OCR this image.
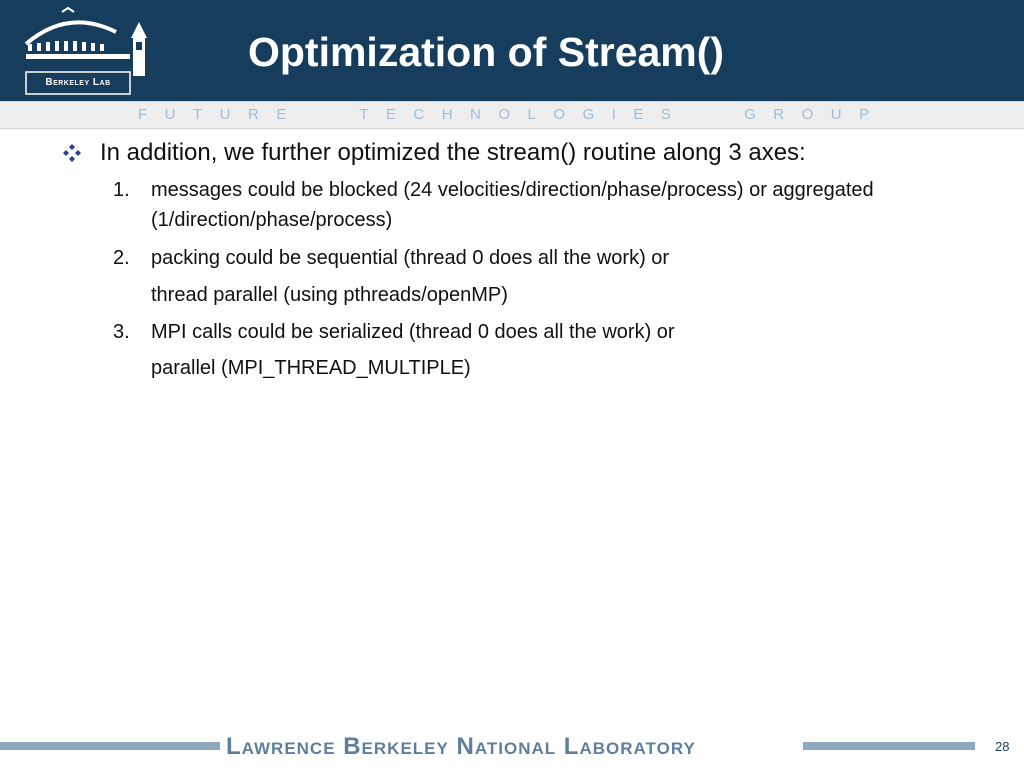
Berkeley Lab
Optimization of Stream()
FUTURE TECHNOLOGIES GROUP
In addition, we further optimized the stream() routine along 3 axes:
1. messages could be blocked (24 velocities/direction/phase/process) or aggregated (1/direction/phase/process)
2. packing could be sequential (thread 0 does all the work) or
thread parallel (using pthreads/openMP)
3. MPI calls could be serialized (thread 0 does all the work) or
parallel (MPI_THREAD_MULTIPLE)
Lawrence Berkeley National Laboratory	28
